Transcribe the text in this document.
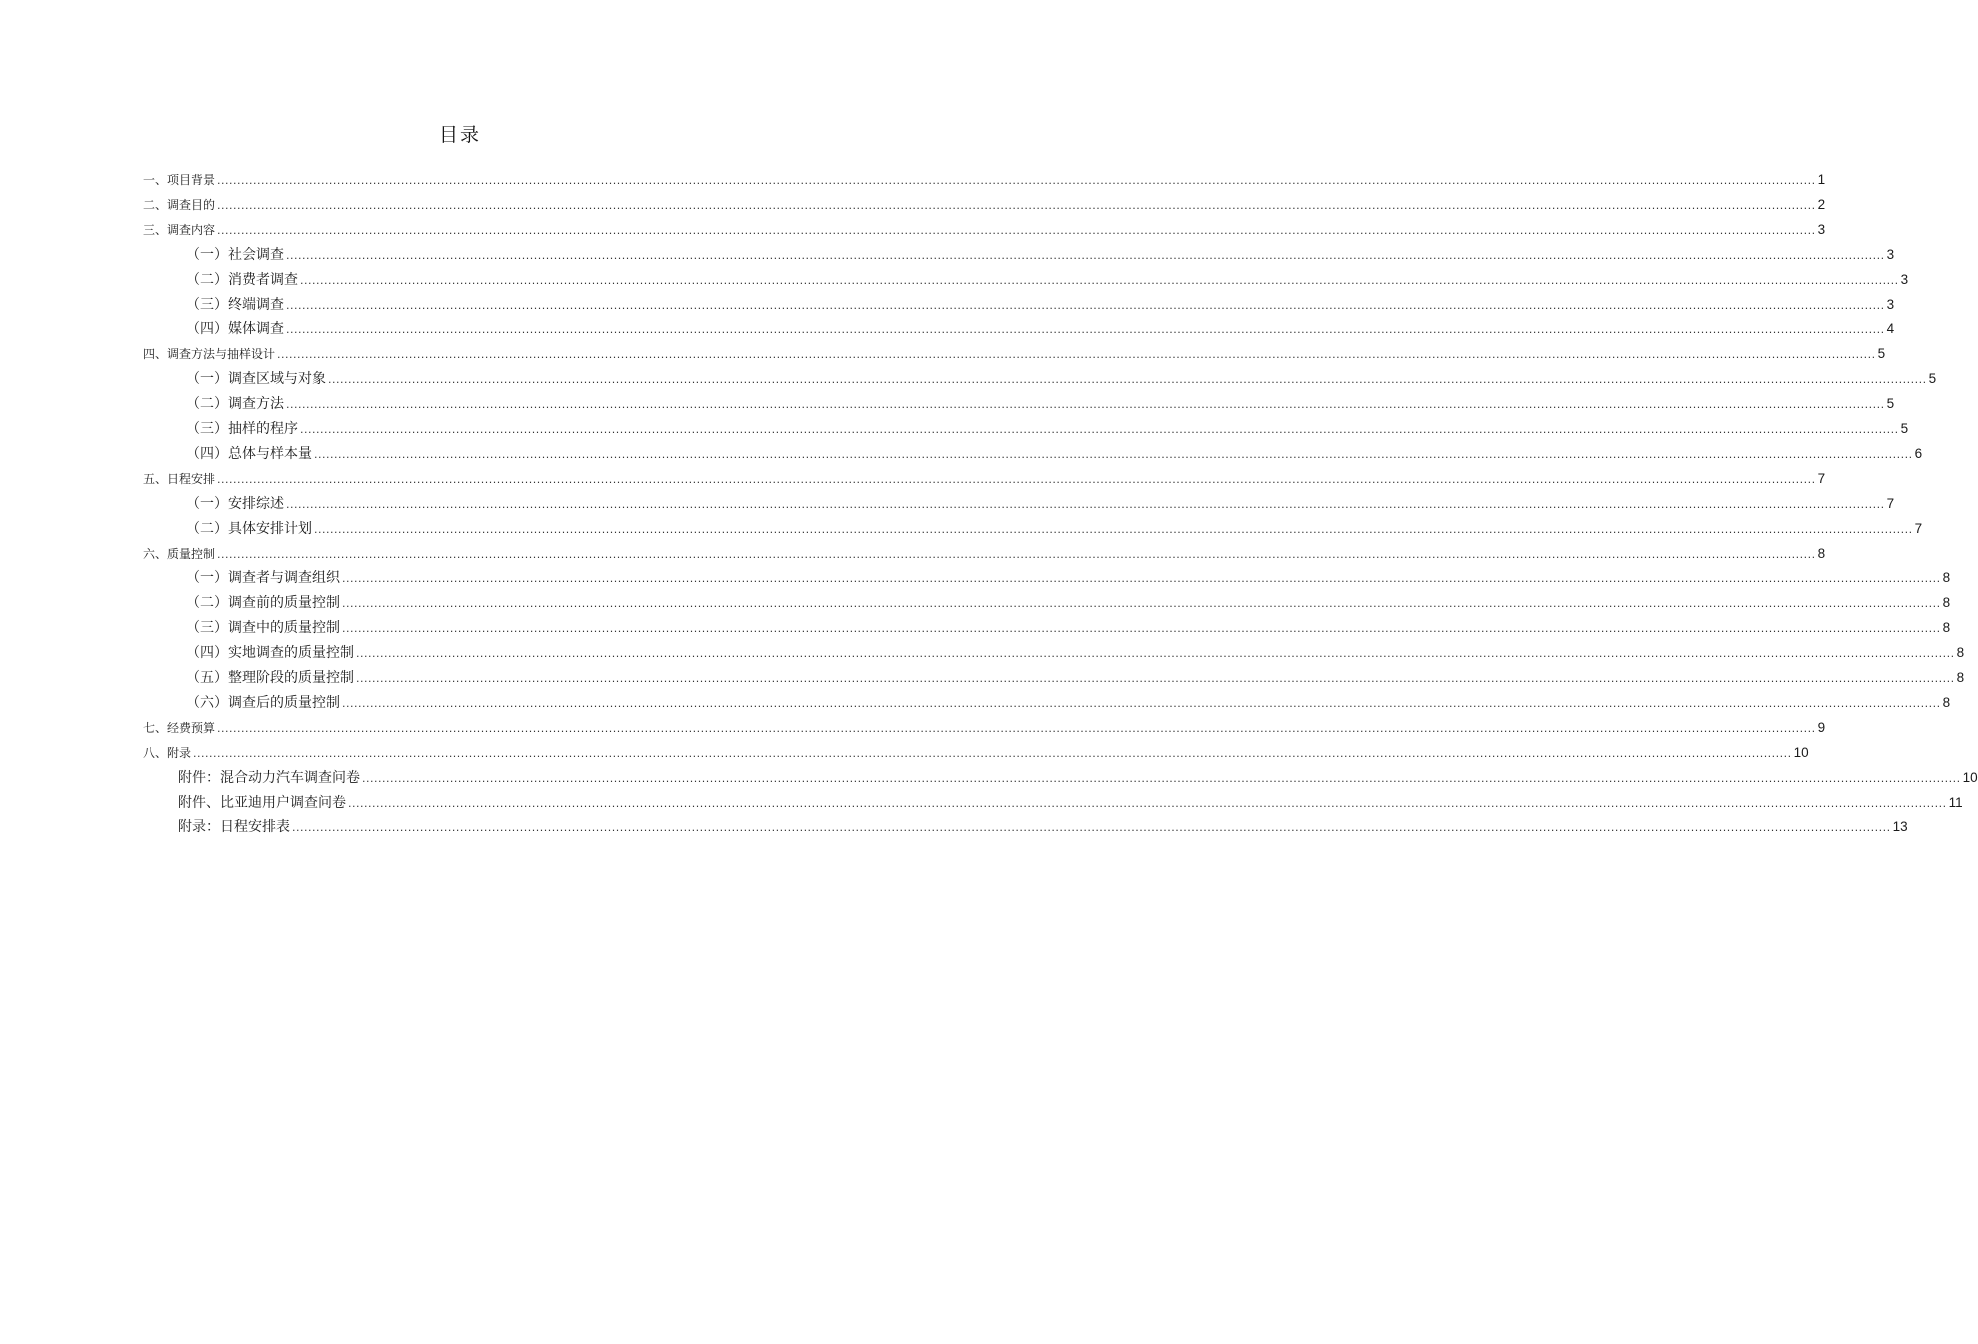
目录
一、 项目背景 ................................................................................................................................................................................................................................................................................................................................................................................................................ 1
二、 调查目的 ................................................................................................................................................................................................................................................................................................................................................................................................................ 2
三、 调查内容 ................................................................................................................................................................................................................................................................................................................................................................................................................ 3
（一） 社会调查 ................................................................................................................................................................................................................................................................................................................................................................................................................ 3
（二） 消费者调查 ................................................................................................................................................................................................................................................................................................................................................................................................................ 3
（三） 终端调查 ................................................................................................................................................................................................................................................................................................................................................................................................................ 3
（四） 媒体调查 ................................................................................................................................................................................................................................................................................................................................................................................................................ 4
四、 调查方法与抽样设计 ................................................................................................................................................................................................................................................................................................................................................................................................................ 5
（一） 调查区域与对象 ................................................................................................................................................................................................................................................................................................................................................................................................................ 5
（二） 调查方法 ................................................................................................................................................................................................................................................................................................................................................................................................................ 5
（三） 抽样的程序 ................................................................................................................................................................................................................................................................................................................................................................................................................ 5
（四） 总体与样本量 ................................................................................................................................................................................................................................................................................................................................................................................................................ 6
五、 日程安排 ................................................................................................................................................................................................................................................................................................................................................................................................................ 7
（一） 安排综述 ................................................................................................................................................................................................................................................................................................................................................................................................................ 7
（二） 具体安排计划 ................................................................................................................................................................................................................................................................................................................................................................................................................ 7
六、 质量控制 ................................................................................................................................................................................................................................................................................................................................................................................................................ 8
（一） 调查者与调查组织 ................................................................................................................................................................................................................................................................................................................................................................................................................ 8
（二） 调查前的质量控制 ................................................................................................................................................................................................................................................................................................................................................................................................................ 8
（三） 调查中的质量控制 ................................................................................................................................................................................................................................................................................................................................................................................................................ 8
（四） 实地调查的质量控制 ................................................................................................................................................................................................................................................................................................................................................................................................................ 8
（五） 整理阶段的质量控制 ................................................................................................................................................................................................................................................................................................................................................................................................................ 8
（六） 调查后的质量控制 ................................................................................................................................................................................................................................................................................................................................................................................................................ 8
七、 经费预算 ................................................................................................................................................................................................................................................................................................................................................................................................................ 9
八、 附录 ................................................................................................................................................................................................................................................................................................................................................................................................................ 10
附件 ：混合动力汽车调查问卷 ................................................................................................................................................................................................................................................................................................................................................................................................................ 10
附件 、比亚迪用户调查问卷 ................................................................................................................................................................................................................................................................................................................................................................................................................ 11
附录 ：日程安排表 ................................................................................................................................................................................................................................................................................................................................................................................................................ 13
